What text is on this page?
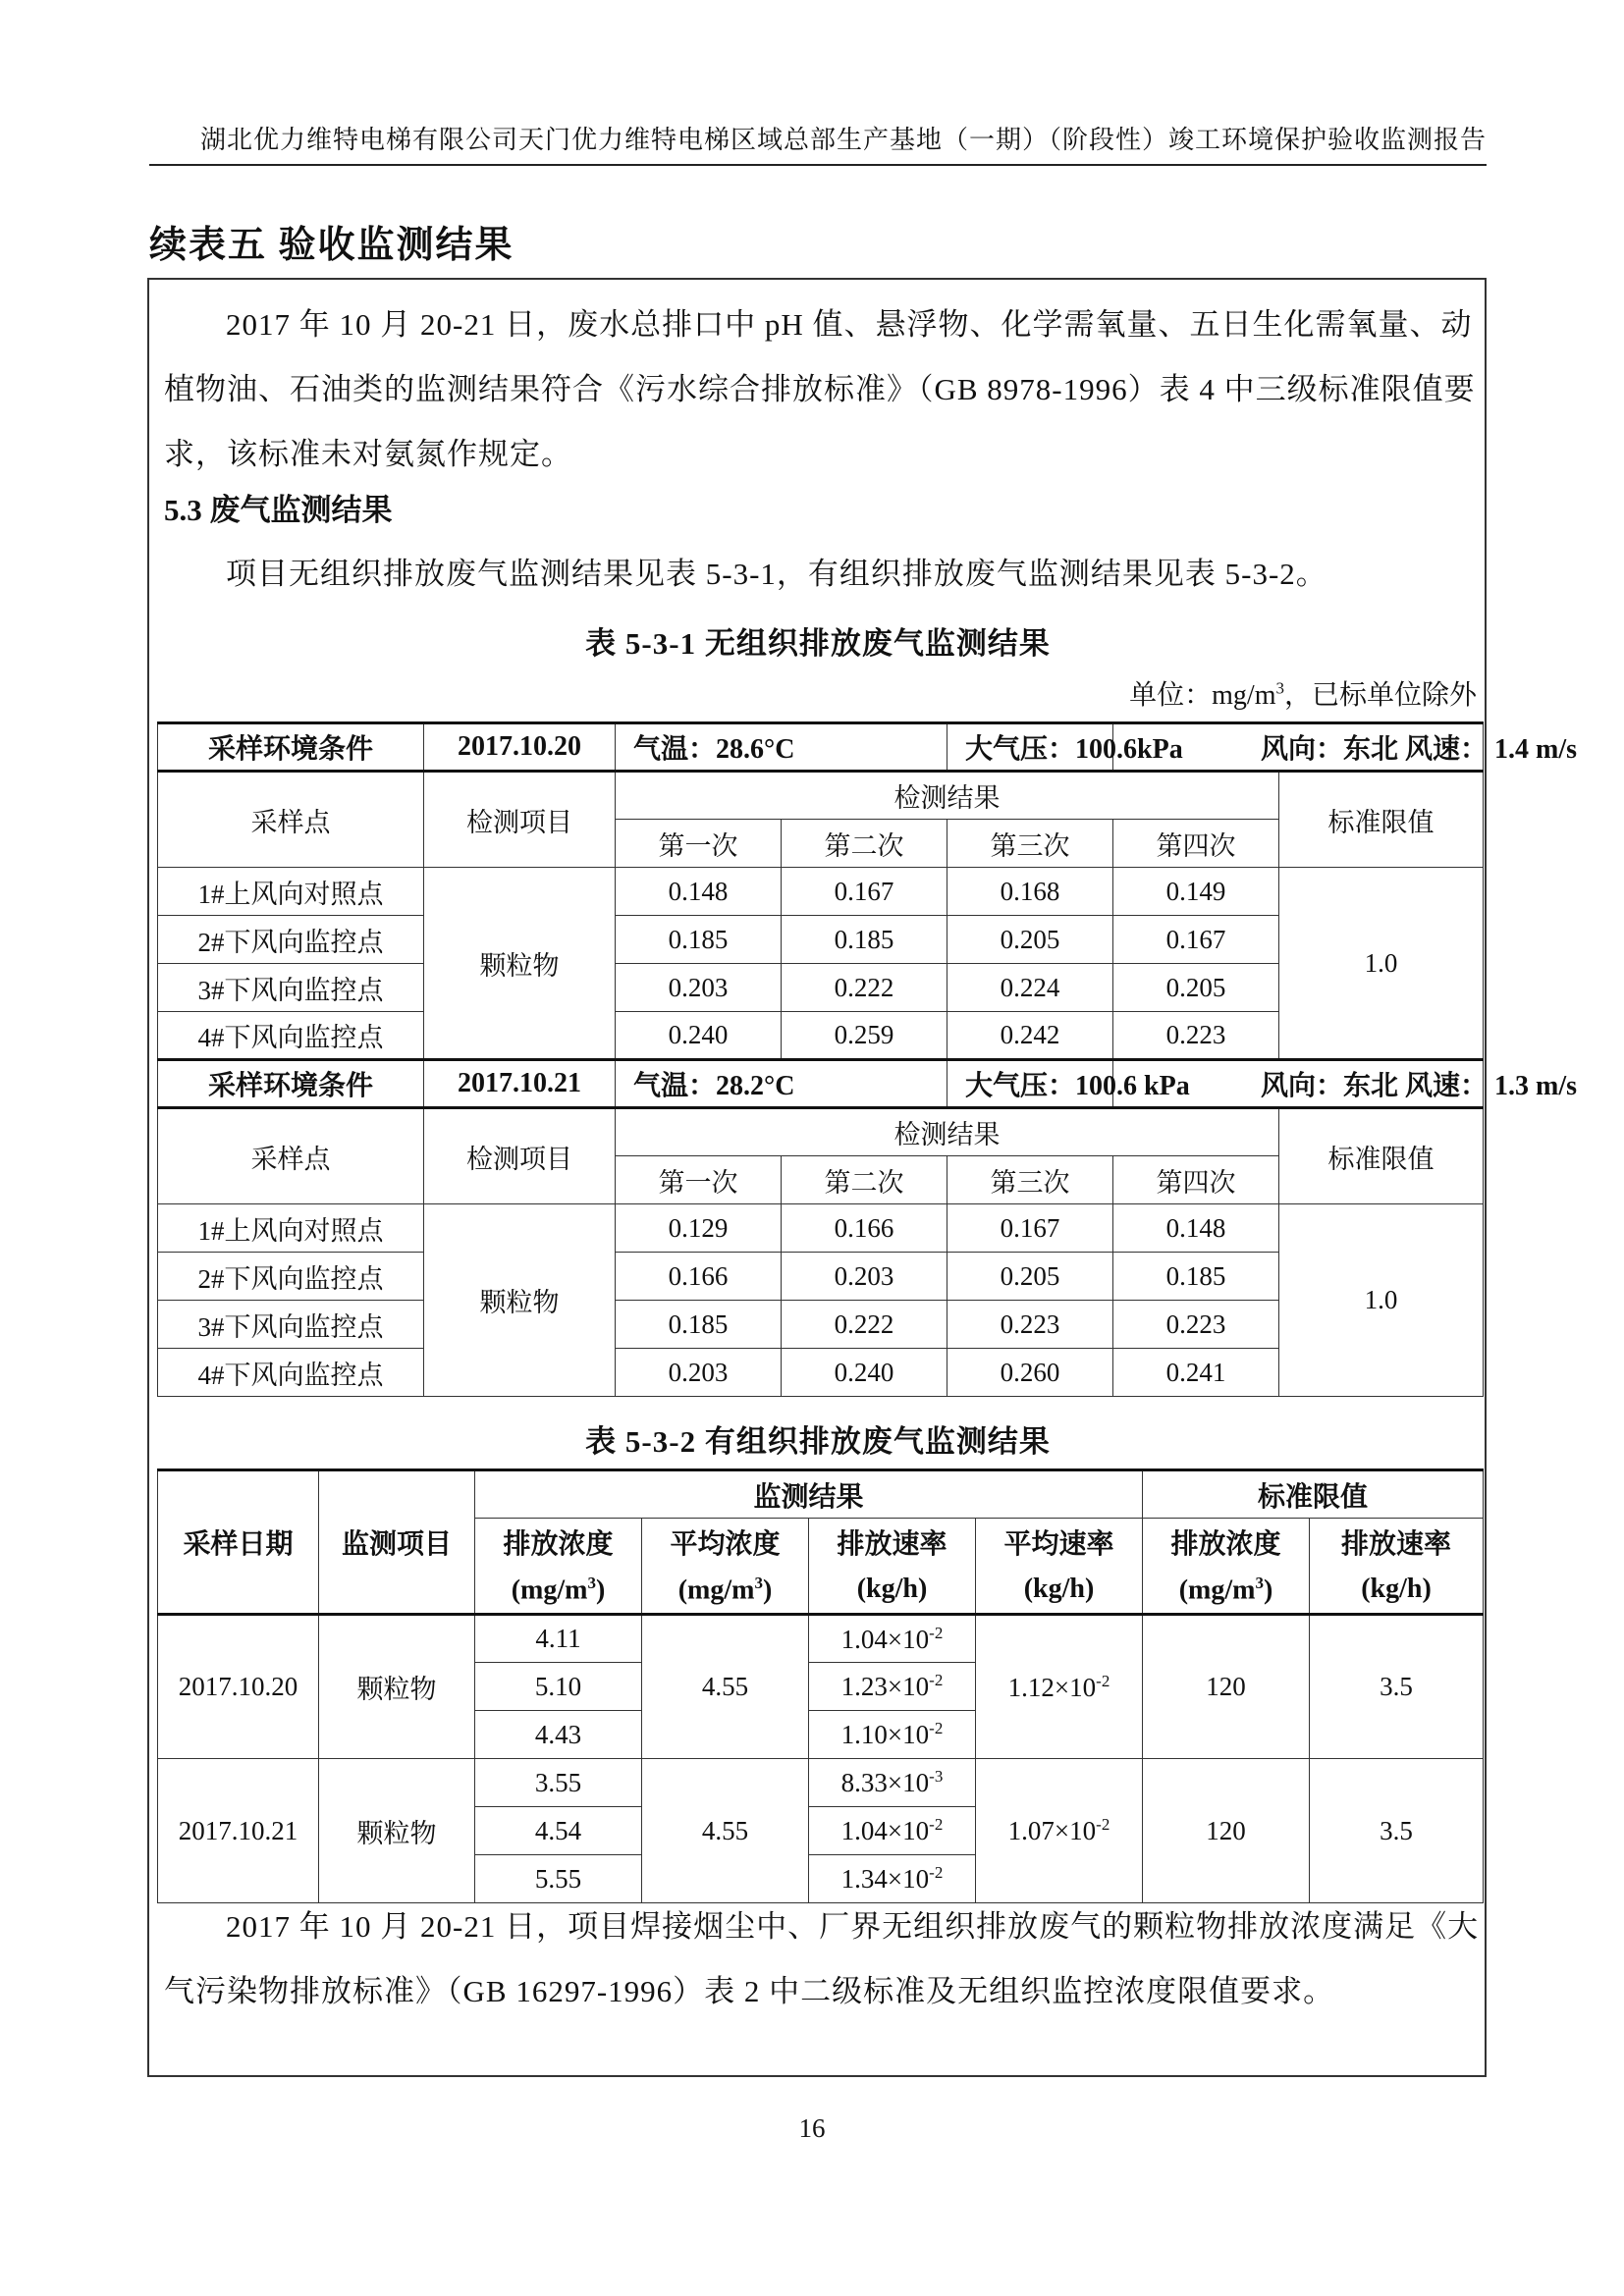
湖北优力维特电梯有限公司天门优力维特电梯区域总部生产基地（一期）（阶段性）竣工环境保护验收监测报告
续表五 验收监测结果

2017 年 10 月 20-21 日，废水总排口中 pH 值、悬浮物、化学需氧量、五日生化需氧量、动植物油、石油类的监测结果符合《污水综合排放标准》（GB 8978-1996）表 4 中三级标准限值要求，该标准未对氨氮作规定。

5.3 废气监测结果

项目无组织排放废气监测结果见表 5-3-1，有组织排放废气监测结果见表 5-3-2。

表 5-3-1 无组织排放废气监测结果
单位：$mg/m^3$，已标单位除外
采样环境条件	2017.10.20	气温：28.6°C		大气压：100.6kPa	风向：东北 风速： 1.4 m/s	
采样点	检测项目	检测结果				标准限值
		第一次	第二次	第三次	第四次	
1#上风向对照点	颗粒物	0.148	0.167	0.168	0.149	1.0
2#下风向监控点		0.185	0.185	0.205	0.167	
3#下风向监控点		0.203	0.222	0.224	0.205	
4#下风向监控点		0.240	0.259	0.242	0.223	
采样环境条件	2017.10.21	气温：28.2°C		大气压：100.6 kPa	风向：东北 风速： 1.3 m/s	
采样点	检测项目	检测结果				标准限值
		第一次	第二次	第三次	第四次	
1#上风向对照点	颗粒物	0.129	0.166	0.167	0.148	1.0
2#下风向监控点		0.166	0.203	0.205	0.185	
3#下风向监控点		0.185	0.222	0.223	0.223	
4#下风向监控点		0.203	0.240	0.260	0.241	
表 5-3-2 有组织排放废气监测结果
采样日期	监测项目	监测结果				标准限值	
		排放浓度	平均浓度	排放速率	平均速率	排放浓度	排放速率
		$(mg/m^3)$	$(mg/m^3)$	(kg/h)	(kg/h)	$(mg/m^3)$	(kg/h)
2017.10.20	颗粒物	4.11	4.55	$1.04\times 10^{-2}$	$1.12\times 10^{-2}$	120	3.5
		5.10		$1.23\times 10^{-2}$
		4.43		$1.10\times 10^{-2}$
2017.10.21	颗粒物	3.55	4.55	$8.33\times 10^{-3}$	$1.07\times 10^{-2}$	120	3.5
		4.54		$1.04\times 10^{-2}$
		5.55		$1.34\times 10^{-2}$

2017 年 10 月 20-21 日，项目焊接烟尘中、厂界无组织排放废气的颗粒物排放浓度满足《大气污染物排放标准》（GB 16297-1996）表 2 中二级标准及无组织监控浓度限值要求。

16
